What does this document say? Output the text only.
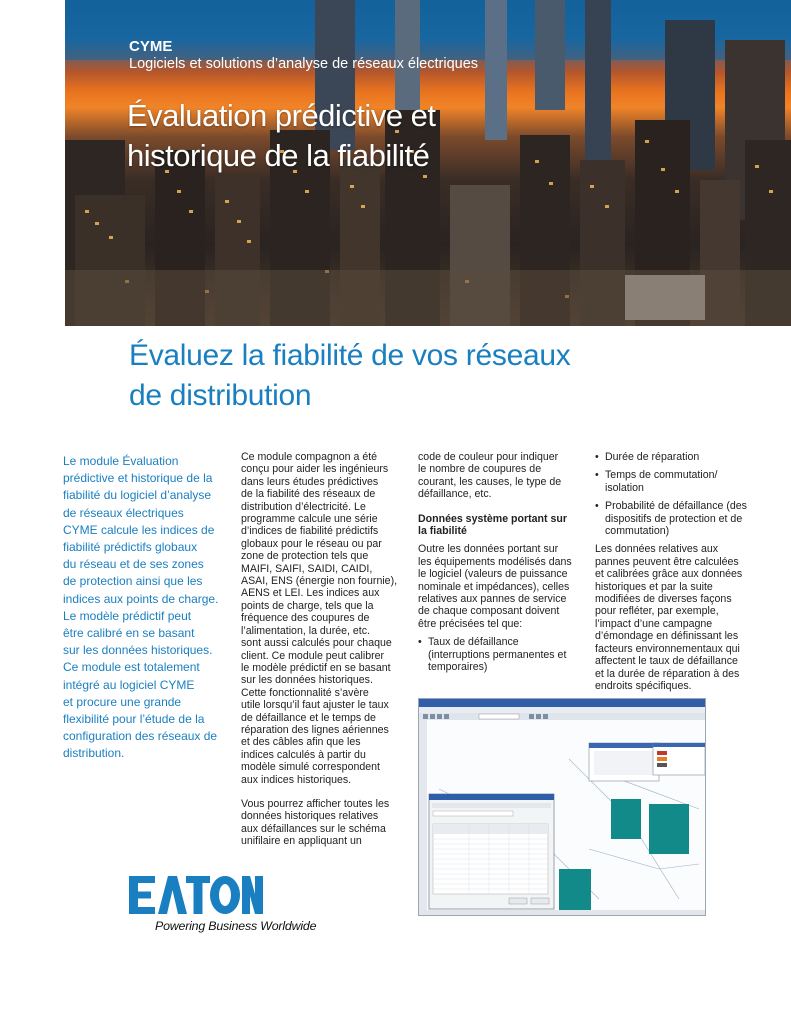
CYME
Logiciels et solutions d’analyse de réseaux électriques
Évaluation prédictive et
historique de la fiabilité
Évaluez la fiabilité de vos réseaux
de distribution
Le module Évaluation
prédictive et historique de la
fiabilité du logiciel d’analyse
de réseaux électriques
CYME calcule les indices de
fiabilité prédictifs globaux
du réseau et de ses zones
de protection ainsi que les
indices aux points de charge.
Le modèle prédictif peut
être calibré en se basant
sur les données historiques.
Ce module est totalement
intégré au logiciel CYME
et procure une grande
flexibilité pour l’étude de la
configuration des réseaux de
distribution.

Ce module compagnon a été
conçu pour aider les ingénieurs
dans leurs études prédictives
de la fiabilité des réseaux de
distribution d’électricité. Le
programme calcule une série
d’indices de fiabilité prédictifs
globaux pour le réseau ou par
zone de protection tels que
MAIFI, SAIFI, SAIDI, CAIDI,
ASAI, ENS (énergie non fournie),
AENS et LEI. Les indices aux
points de charge, tels que la
fréquence des coupures de
l’alimentation, la durée, etc.
sont aussi calculés pour chaque
client. Ce module peut calibrer
le modèle prédictif en se basant
sur les données historiques.
Cette fonctionnalité s’avère
utile lorsqu’il faut ajuster le taux
de défaillance et le temps de
réparation des lignes aériennes
et des câbles afin que les
indices calculés à partir du
modèle simulé correspondent
aux indices historiques.

Vous pourrez afficher toutes les
données historiques relatives
aux défaillances sur le schéma
unifilaire en appliquant un

code de couleur pour indiquer
le nombre de coupures de
courant, les causes, le type de
défaillance, etc.

Données système portant sur
la fiabilité

Outre les données portant sur
les équipements modélisés dans
le logiciel (valeurs de puissance
nominale et impédances), celles
relatives aux pannes de service
de chaque composant doivent
être précisées tel que:

• Taux de défaillance
(interruptions permanentes et
temporaires)
• Durée de réparation
• Temps de commutation/
isolation
• Probabilité de défaillance (des
dispositifs de protection et de
commutation)

Les données relatives aux
pannes peuvent être calculées
et calibrées grâce aux données
historiques et par la suite
modifiées de diverses façons
pour refléter, par exemple,
l’impact d’une campagne
d’émondage en définissant les
facteurs environnementaux qui
affectent le taux de défaillance
et la durée de réparation à des
endroits spécifiques.

Powering Business Worldwide
